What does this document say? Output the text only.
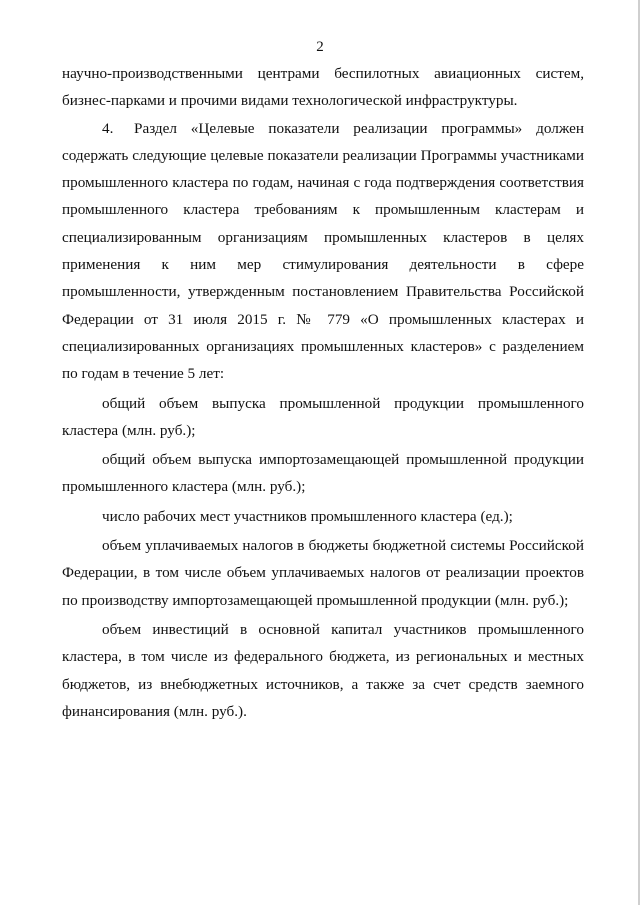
2

научно-производственными центрами беспилотных авиационных систем, бизнес-парками и прочими видами технологической инфраструктуры.

4. Раздел «Целевые показатели реализации программы» должен содержать следующие целевые показатели реализации Программы участниками промышленного кластера по годам, начиная с года подтверждения соответствия промышленного кластера требованиям к промышленным кластерам и специализированным организациям промышленных кластеров в целях применения к ним мер стимулирования деятельности в сфере промышленности, утвержденным постановлением Правительства Российской Федерации от 31 июля 2015 г. № 779 «О промышленных кластерах и специализированных организациях промышленных кластеров» с разделением по годам в течение 5 лет:

общий объем выпуска промышленной продукции промышленного кластера (млн. руб.);

общий объем выпуска импортозамещающей промышленной продукции промышленного кластера (млн. руб.);

число рабочих мест участников промышленного кластера (ед.);

объем уплачиваемых налогов в бюджеты бюджетной системы Российской Федерации, в том числе объем уплачиваемых налогов от реализации проектов по производству импортозамещающей промышленной продукции (млн. руб.);

объем инвестиций в основной капитал участников промышленного кластера, в том числе из федерального бюджета, из региональных и местных бюджетов, из внебюджетных источников, а также за счет средств заемного финансирования (млн. руб.).
